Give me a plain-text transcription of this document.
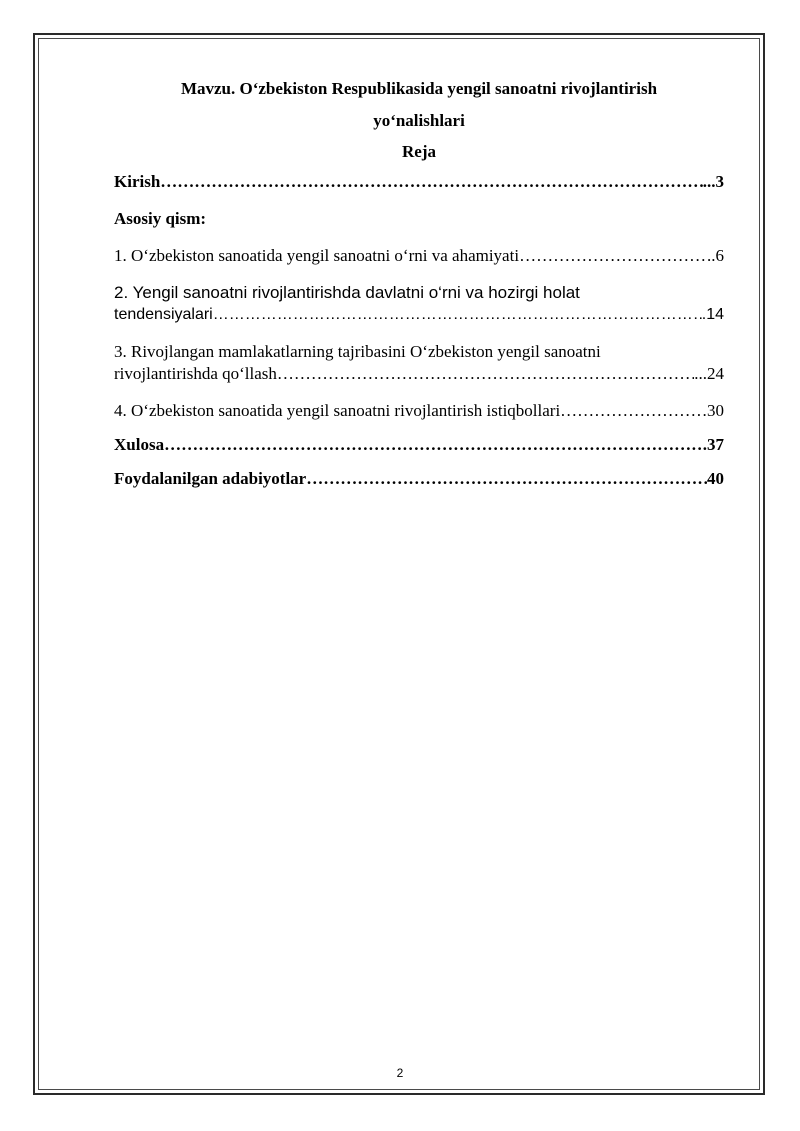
Mavzu. O‘zbekiston Respublikasida yengil sanoatni rivojlantirish
yo‘nalishlari
Reja
Kirish …………………………………………………………………………………………………………………………………………………………	...3
Asosiy qism:
1. O‘zbekiston sanoatida yengil sanoatni o‘rni va ahamiyati …………………………………………………………………………………………………………………………………………………………	..6
2. Yengil sanoatni rivojlantirishda davlatni o‘rni va hozirgi holat
tendensiyalari …………………………………………………………………………………………………………………………………………………………	.14
3. Rivojlangan mamlakatlarning tajribasini O‘zbekiston yengil sanoatni
rivojlantirishda qo‘llash …………………………………………………………………………………………………………………………………………………………	...24
4. O‘zbekiston sanoatida yengil sanoatni rivojlantirish istiqbollari …………………………………………………………………………………………………………………………………………………………	30
Xulosa …………………………………………………………………………………………………………………………………………………………	.37
Foydalanilgan adabiyotlar …………………………………………………………………………………………………………………………………………………………	40
2
